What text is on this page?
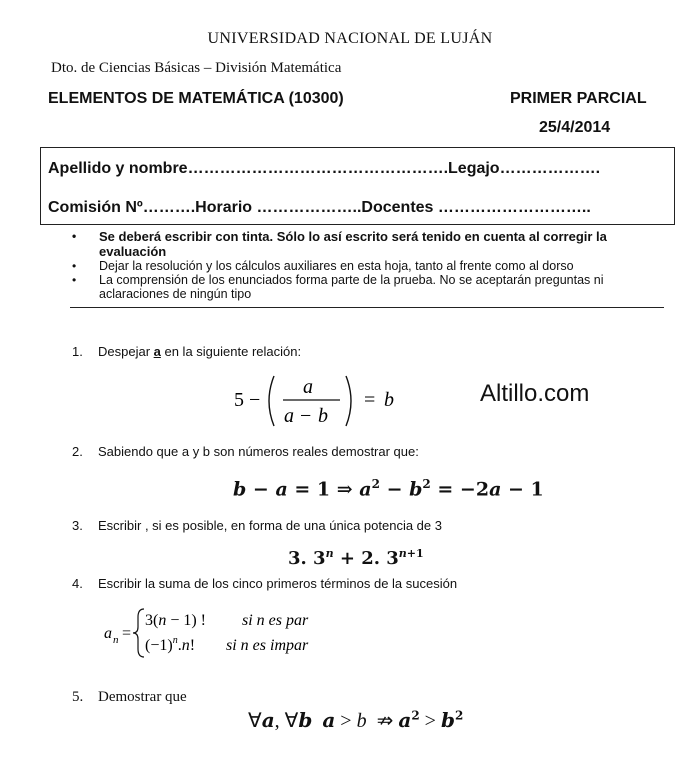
UNIVERSIDAD NACIONAL DE LUJÁN
Dto. de Ciencias Básicas – División Matemática
ELEMENTOS DE MATEMÁTICA (10300)	PRIMER PARCIAL
25/4/2014
Apellido y nombre………………………………………….Legajo……………….
Comisión Nº……….Horario ………………..Docentes ………………………..
• Se deberá escribir con tinta. Sólo lo así escrito será tenido en cuenta al corregir la evaluación
• Dejar la resolución y los cálculos auxiliares en esta hoja, tanto al frente como al dorso
• La comprensión de los enunciados forma parte de la prueba. No se aceptarán preguntas ni aclaraciones de ningún tipo
1. Despejar a en la siguiente relación:
5 −
a
a − b
= b	Altillo.com
2. Sabiendo que a y b son números reales demostrar que:
b − a = 1 ⇒ $a^2 - b^2 = -2a - 1$
3. Escribir , si es posible, en forma de una única potencia de 3
3. $3^n + 2$. $3^{n+1}$
4. Escribir la suma de los cinco primeros términos de la sucesión
a n =
3(n − 1) ! si n es par
$(-1)^n.n$! si n es impar
5. Demostrar que
∀a, ∀b a > b  ⇏ $a^2 > b^2$
